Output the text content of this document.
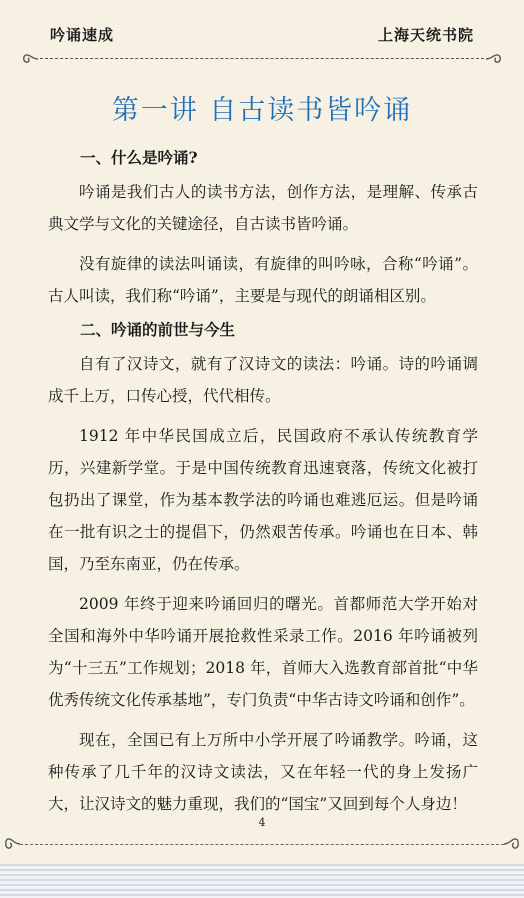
吟诵速成	上海天统书院
第一讲 自古读书皆吟诵

一、什么是吟诵?

吟诵是我们古人的读书方法，创作方法，是理解、传承古典文学与文化的关键途径，自古读书皆吟诵。

没有旋律的读法叫诵读，有旋律的叫吟咏，合称“吟诵”。古人叫读，我们称“吟诵”，主要是与现代的朗诵相区别。

二、吟诵的前世与今生

自有了汉诗文，就有了汉诗文的读法：吟诵。诗的吟诵调成千上万，口传心授，代代相传。

1912 年中华民国成立后，民国政府不承认传统教育学历，兴建新学堂。于是中国传统教育迅速衰落，传统文化被打包扔出了课堂，作为基本教学法的吟诵也难逃厄运。但是吟诵在一批有识之士的提倡下，仍然艰苦传承。吟诵也在日本、韩国，乃至东南亚，仍在传承。

2009 年终于迎来吟诵回归的曙光。首都师范大学开始对全国和海外中华吟诵开展抢救性采录工作。2016 年吟诵被列为“十三五”工作规划；2018 年，首师大入选教育部首批“中华优秀传统文化传承基地”，专门负责“中华古诗文吟诵和创作”。

现在，全国已有上万所中小学开展了吟诵教学。吟诵，这种传承了几千年的汉诗文读法，又在年轻一代的身上发扬广大，让汉诗文的魅力重现，我们的“国宝”又回到每个人身边！

4
